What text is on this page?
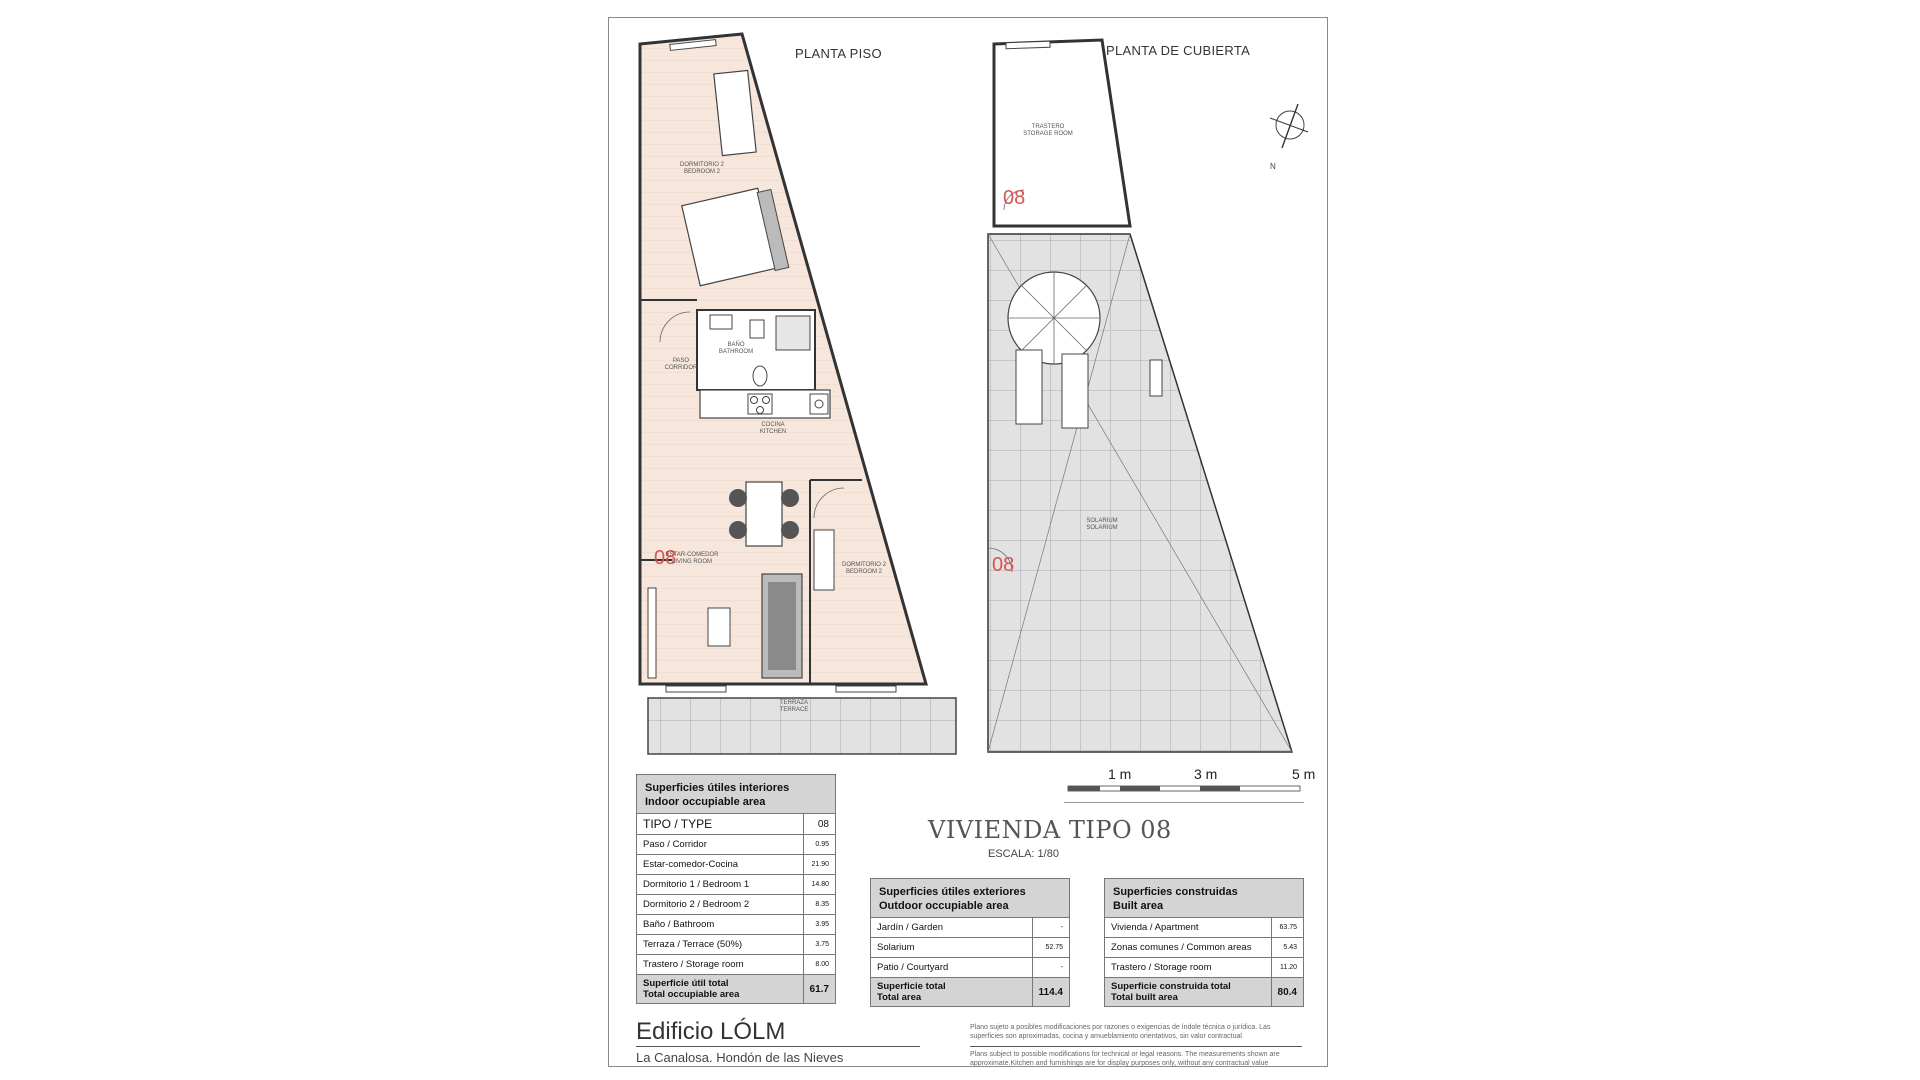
PLANTA PISO	PLANTA DE CUBIERTA
N
08
08
08
DORMITORIO 2
BEDROOM 2
BAÑO
BATHROOM
PASO
CORRIDOR
COCINA
KITCHEN
ESTAR-COMEDOR
LIVING ROOM	DORMITORIO 2
BEDROOM 2
TERRAZA
TERRACE
TRASTERO
STORAGE ROOM
SOLARIUM
SOLARIUM
1 m	3 m	5 m
VIVIENDA TIPO 08
ESCALA: 1/80
Superficies útiles interiores
Indoor occupiable area	

TIPO / TYPE	08
Paso / Corridor	0.95
Estar-comedor-Cocina	21.90
Dormitorio 1 / Bedroom 1	14.80
Dormitorio 2 / Bedroom 2	8.35
Baño / Bathroom	3.95
Terraza / Terrace (50%)	3.75
Trastero / Storage room	8.00

Superficie útil total
Total occupiable area	61.7
Superficies útiles exteriores
Outdoor occupiable area	

Jardín / Garden	-
Solarium	52.75
Patio / Courtyard	-

Superficie total
Total area	114.4
Superficies construidas
Built area	

Vivienda / Apartment	63.75
Zonas comunes / Common areas	5.43
Trastero / Storage room	11.20

Superficie construida total
Total built area	80.4
Edificio LÓLM
La Canalosa. Hondón de las Nieves
Plano sujeto a posibles modificaciones por razones o exigencias de índole técnica o jurídica. Las superficies son aproximadas, cocina y amueblamiento orientativos, sin valor contractual
Plans subject to possible modifications for technical or legal reasons. The measurements shown are approximate.Kitchen and furnishings are for display purposes only, without any contractual value
